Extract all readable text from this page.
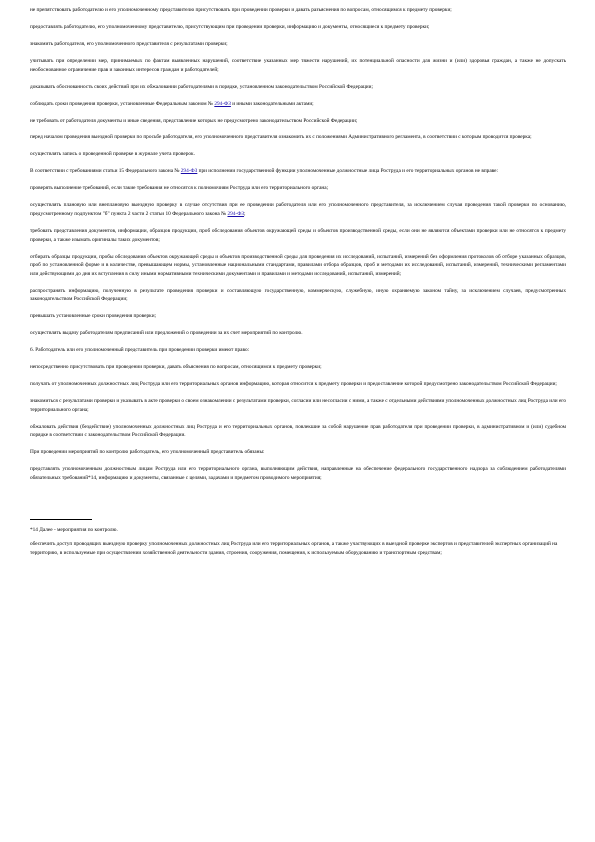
не препятствовать работодателю и его уполномоченному представителю присутствовать при проведении проверки и давать разъяснения по вопросам, относящимся к предмету проверки;

предоставлять работодателю, его уполномоченному представителю, присутствующим при проведении проверки, информацию и документы, относящиеся к предмету проверки;

знакомить работодателя, его уполномоченного представителя с результатами проверки;

учитывать при определении мер, принимаемых по фактам выявленных нарушений, соответствие указанных мер тяжести нарушений, их потенциальной опасности для жизни и (или) здоровья граждан, а также не допускать необоснованное ограничение прав и законных интересов граждан и работодателей;

доказывать обоснованность своих действий при их обжаловании работодателями в порядке, установленном законодательством Российской Федерации;

соблюдать сроки проведения проверки, установленные Федеральным законом № 294-ФЗ и иными законодательными актами;

не требовать от работодателя документы и иные сведения, представление которых не предусмотрено законодательством Российской Федерации;

перед началом проведения выездной проверки по просьбе работодателя, его уполномоченного представителя ознакомить их с положениями Административного регламента, в соответствии с которым проводится проверка;

осуществлять запись о проведенной проверке в журнале учета проверок.

В соответствии с требованиями статьи 15 Федерального закона № 294-ФЗ при исполнении государственной функции уполномоченные должностные лица Роструда и его территориальных органов не вправе:

проверять выполнение требований, если такие требования не относятся к полномочиям Роструда или его территориального органа;

осуществлять плановую или внеплановую выездную проверку в случае отсутствия при ее проведении работодателя или его уполномоченного представителя, за исключением случая проведения такой проверки по основанию, предусмотренному подпунктом "б" пункта 2 части 2 статьи 10 Федерального закона № 294-ФЗ;

требовать представления документов, информации, образцов продукции, проб обследования объектов окружающей среды и объектов производственной среды, если они не являются объектами проверки или не относятся к предмету проверки, а также изымать оригиналы таких документов;

отбирать образцы продукции, пробы обследования объектов окружающей среды и объектов производственной среды для проведения их исследований, испытаний, измерений без оформления протоколов об отборе указанных образцов, проб по установленной форме и в количестве, превышающем нормы, установленные национальными стандартами, правилами отбора образцов, проб и методами их исследований, испытаний, измерений, техническими регламентами или действующими до дня их вступления в силу иными нормативными техническими документами и правилами и методами исследований, испытаний, измерений;

распространять информацию, полученную в результате проведения проверки и составляющую государственную, коммерческую, служебную, иную охраняемую законом тайну, за исключением случаев, предусмотренных законодательством Российской Федерации;

превышать установленные сроки проведения проверки;

осуществлять выдачу работодателям предписаний или предложений о проведении за их счет мероприятий по контролю.

6. Работодатель или его уполномоченный представитель при проведении проверки имеют право:

непосредственно присутствовать при проведении проверки, давать объяснения по вопросам, относящимся к предмету проверки;

получать от уполномоченных должностных лиц Роструда или его территориальных органов информацию, которая относится к предмету проверки и предоставление которой предусмотрено законодательством Российской Федерации;

знакомиться с результатами проверки и указывать в акте проверки о своем ознакомлении с результатами проверки, согласии или несогласии с ними, а также с отдельными действиями уполномоченных должностных лиц Роструда или его территориального органа;

обжаловать действия (бездействие) уполномоченных должностных лиц Роструда и его территориальных органов, повлекшие за собой нарушение прав работодателя при проведении проверки, в административном и (или) судебном порядке в соответствии с законодательством Российской Федерации.

При проведении мероприятий по контролю работодатель, его уполномоченный представитель обязаны:

представлять уполномоченным должностным лицам Роструда или его территориального органа, выполняющим действия, направленные на обеспечение федерального государственного надзора за соблюдением работодателями обязательных требований*14, информацию и документы, связанные с целями, задачами и предметом проводимого мероприятия;

*14 Далее - мероприятия по контролю.

обеспечить доступ проводящих выездную проверку уполномоченных должностных лиц Роструда или его территориальных органов, а также участвующих в выездной проверке экспертов и представителей экспертных организаций на территорию, в используемые при осуществлении хозяйственной деятельности здания, строения, сооружения, помещения, к используемым оборудованию и транспортным средствам;
